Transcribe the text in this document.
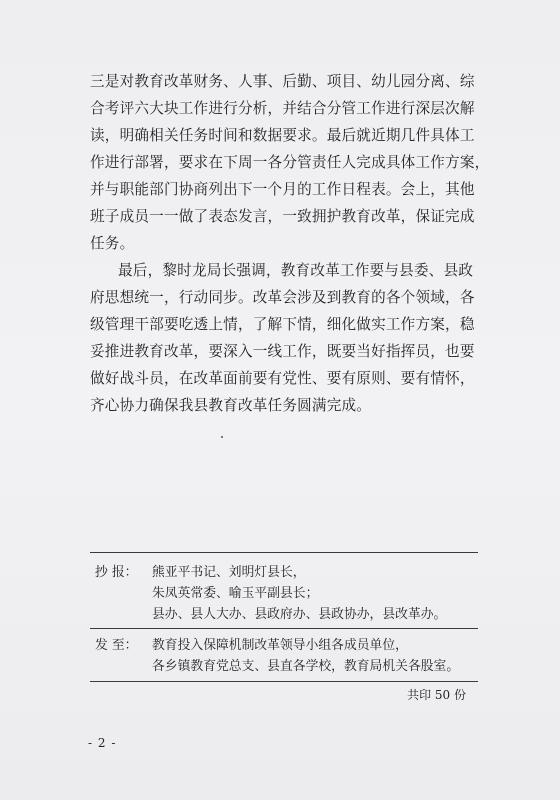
三是对教育改革财务、人事、后勤、项目、幼儿园分离、综

合考评六大块工作进行分析，并结合分管工作进行深层次解

读，明确相关任务时间和数据要求。最后就近期几件具体工

作进行部署，要求在下周一各分管责任人完成具体工作方案，

并与职能部门协商列出下一个月的工作日程表。会上，其他

班子成员一一做了表态发言，一致拥护教育改革，保证完成

任务。

最后，黎时龙局长强调，教育改革工作要与县委、县政

府思想统一，行动同步。改革会涉及到教育的各个领域，各

级管理干部要吃透上情，了解下情，细化做实工作方案，稳

妥推进教育改革，要深入一线工作，既要当好指挥员，也要

做好战斗员，在改革面前要有党性、要有原则、要有情怀，

齐心协力确保我县教育改革任务圆满完成。

抄 报： 熊亚平书记、刘明灯县长，
朱凤英常委、喻玉平副县长；
县办、县人大办、县政府办、县政协办，县改革办。
发 至： 教育投入保障机制改革领导小组各成员单位，
各乡镇教育党总支、县直各学校，教育局机关各股室。
共印 50 份
- 2 -
